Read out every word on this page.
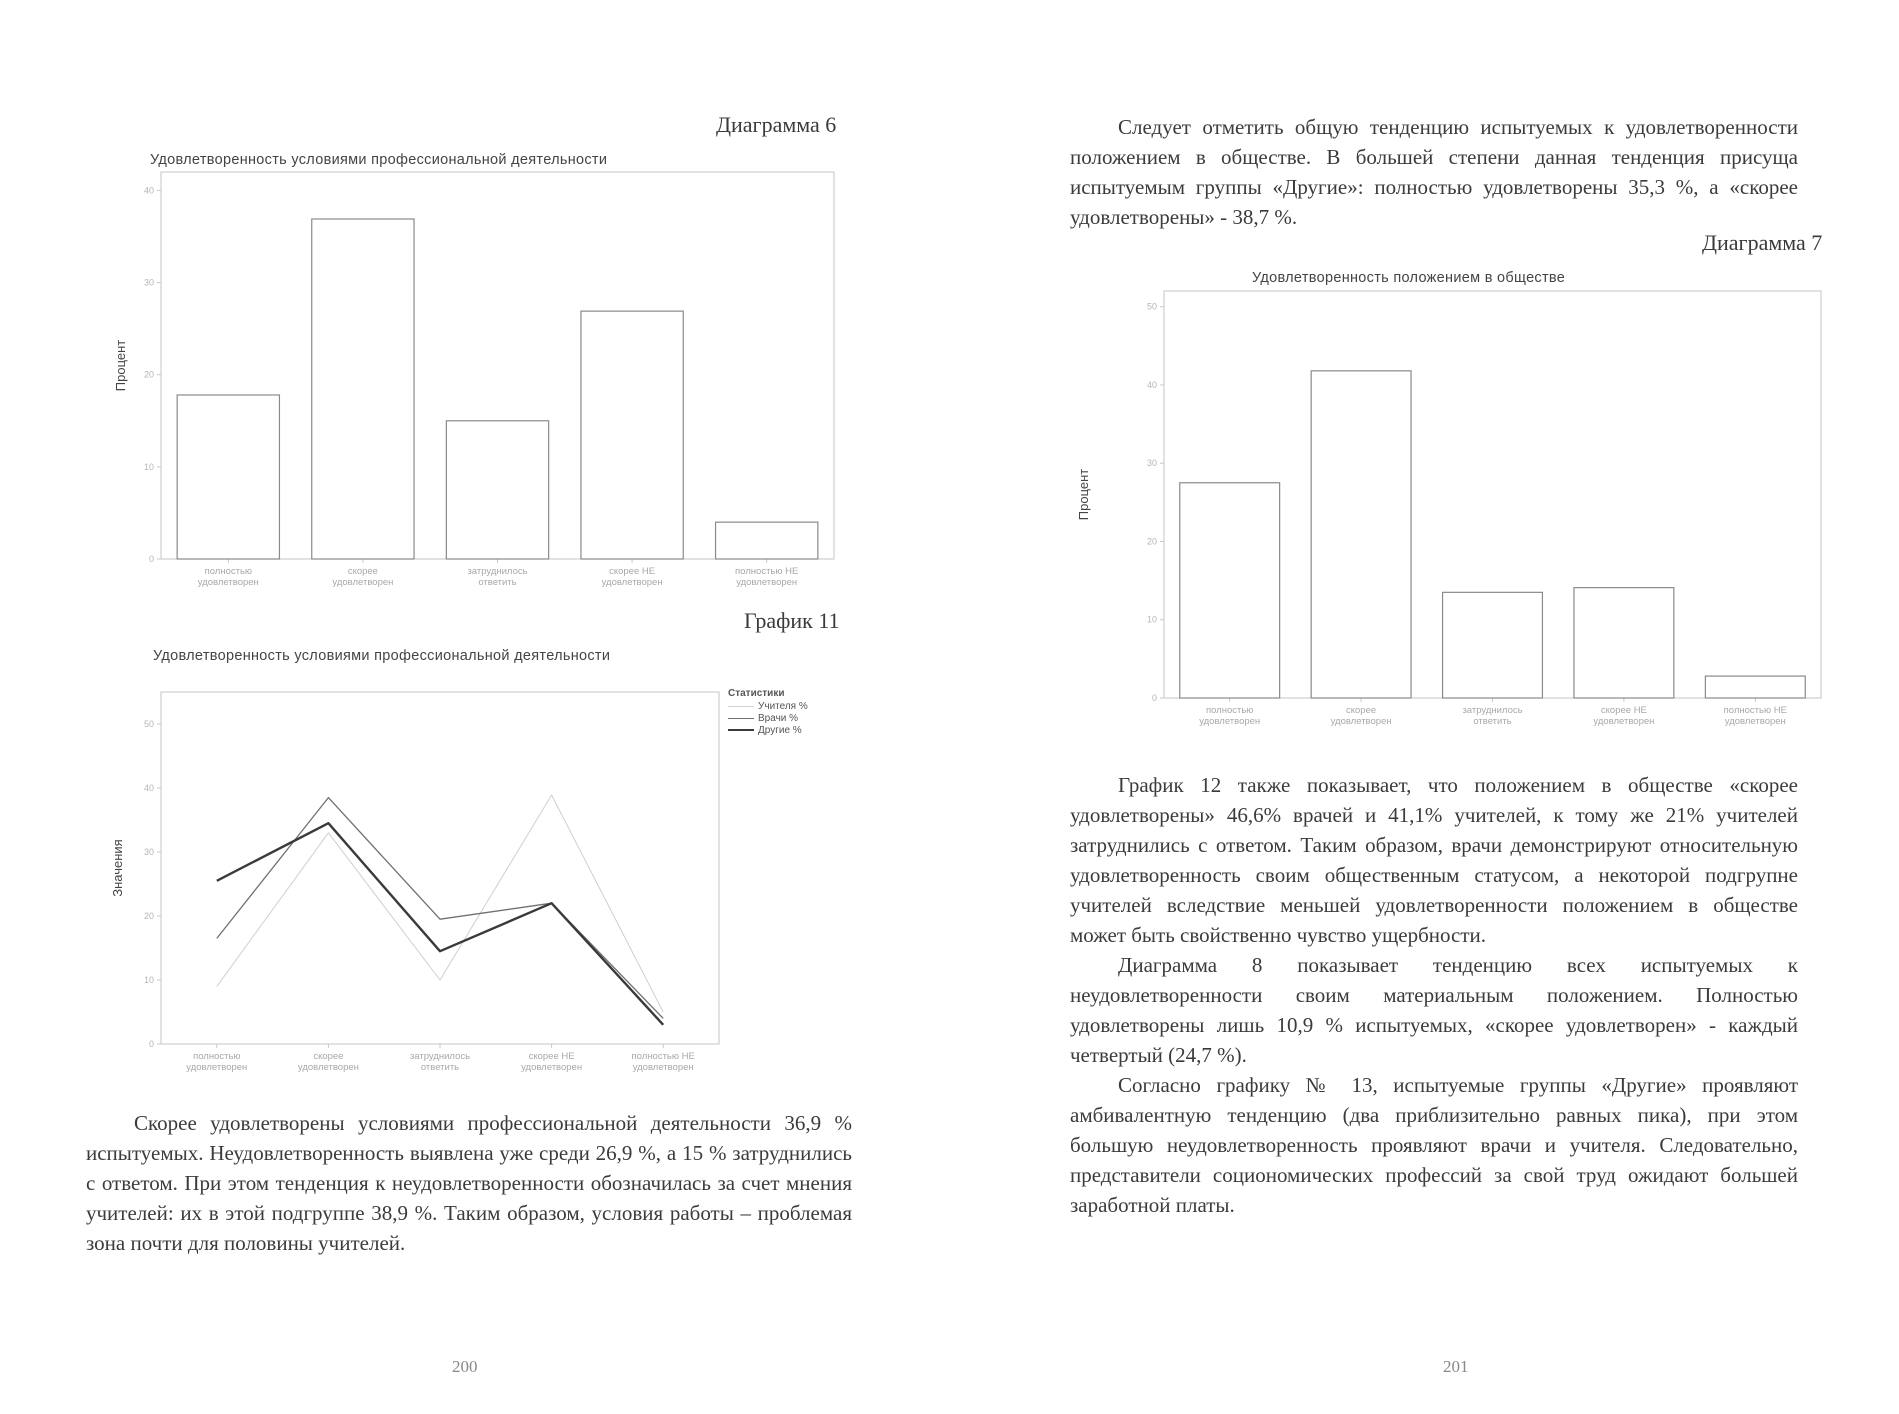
Диаграмма 6
Удовлетворенность условиями профессиональной деятельности
0
10
20
30
40
Процент
полностью
удовлетворен
скорее
удовлетворен
затруднилось
ответить
скорее НЕ
удовлетворен
полностью НЕ
удовлетворен
График 11
Удовлетворенность условиями профессиональной деятельности
0
10
20
30
40
50
Значения
полностью
удовлетворен
скорее
удовлетворен
затруднилось
ответить
скорее НЕ
удовлетворен
полностью НЕ
удовлетворен
Статистики
Учителя %
Врачи %
Другие %
Скорее удовлетворены условиями профессиональной деятельности 36,9 % испытуемых. Неудовлетворенность выявлена уже среди 26,9 %, а 15 % затруднились с ответом. При этом тенденция к неудовлетворенности обозначилась за счет мнения учителей: их в этой подгруппе 38,9 %. Таким образом, условия работы – проблемая зона почти для половины учителей.
200
Следует отметить общую тенденцию испытуемых к удовлетворенности положением в обществе. В большей степени данная тенденция присуща испытуемым группы «Другие»: полностью удовлетворены 35,3 %, а «скорее удовлетворены» - 38,7 %.
Диаграмма 7
Удовлетворенность положением в обществе
0
10
20
30
40
50
Процент
полностью
удовлетворен
скорее
удовлетворен
затруднилось
ответить
скорее НЕ
удовлетворен
полностью НЕ
удовлетворен
График 12 также показывает, что положением в обществе «скорее удовлетворены» 46,6% врачей и 41,1% учителей, к тому же 21% учителей затруднились с ответом. Таким образом, врачи демонстрируют относительную удовлетворенность своим общественным статусом, а некоторой подгрупне учителей вследствие меньшей удовлетворенности положением в обществе может быть свойственно чувство ущербности.
Диаграмма 8 показывает тенденцию всех испытуемых к неудовлетворенности своим материальным положением. Полностью удовлетворены лишь 10,9 % испытуемых, «скорее удовлетворен» - каждый четвертый (24,7 %).
Согласно графику № 13, испытуемые группы «Другие» проявляют амбивалентную тенденцию (два приблизительно равных пика), при этом большую неудовлетворенность проявляют врачи и учителя. Следовательно, представители социономических профессий за свой труд ожидают большей заработной платы.
201
